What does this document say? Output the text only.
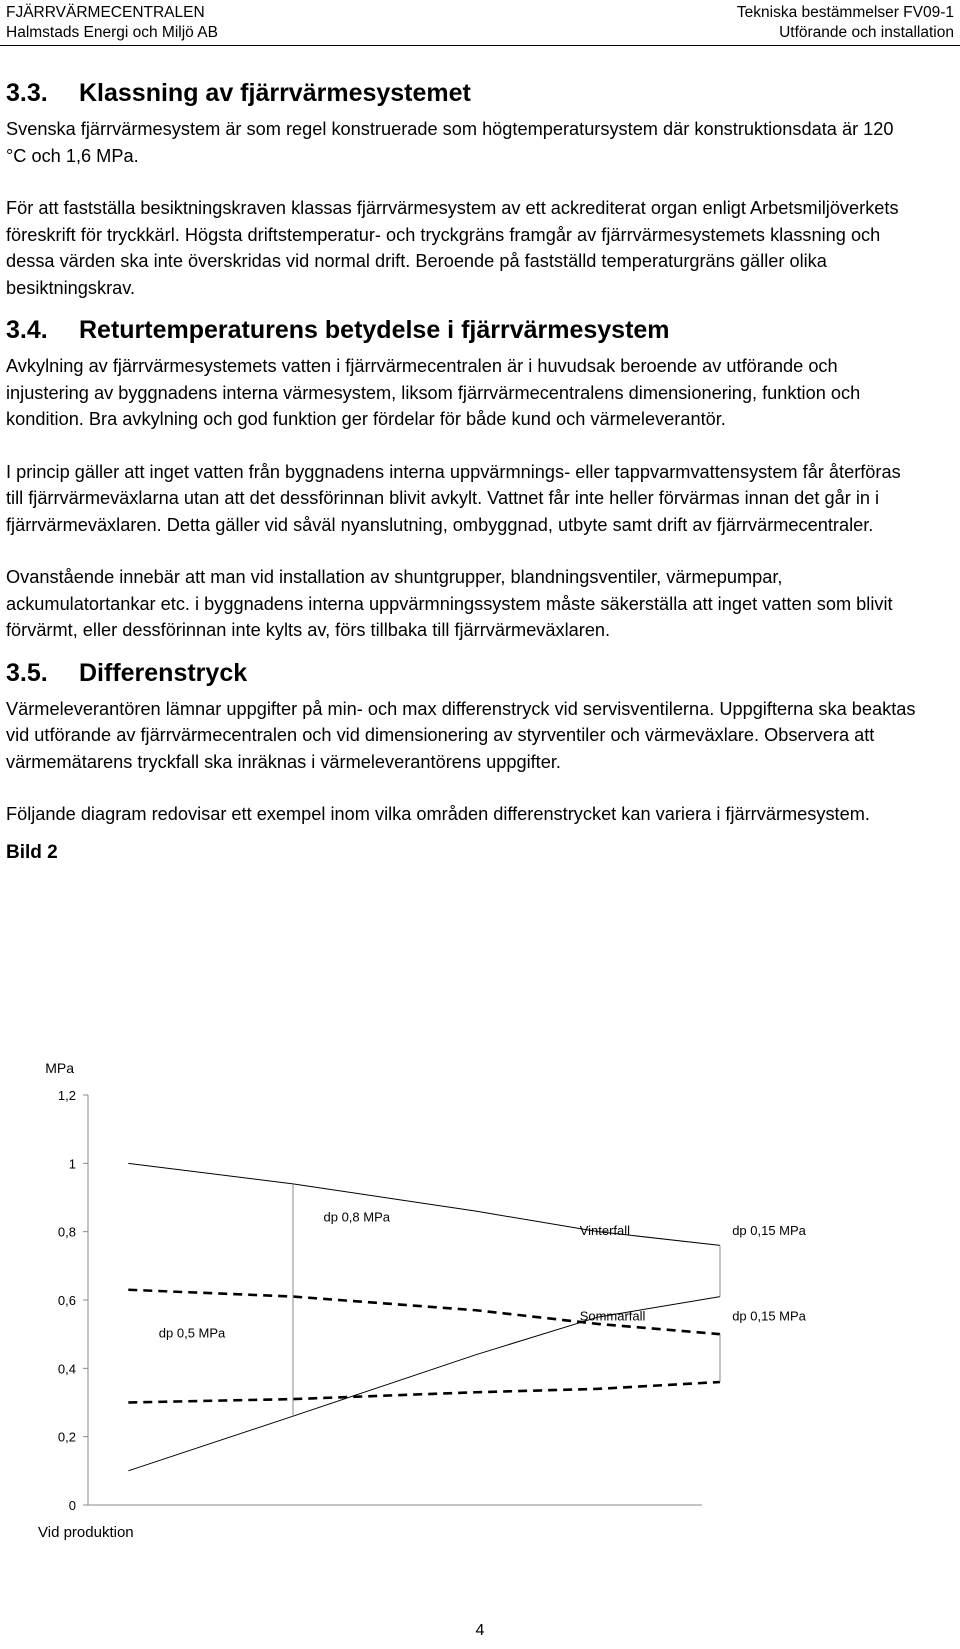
FJÄRRVÄRMECENTRALEN
Halmstads Energi och Miljö AB
Tekniska bestämmelser FV09-1
Utförande och installation
3.3.	Klassning av fjärrvärmesystemet

Svenska fjärrvärmesystem är som regel konstruerade som högtemperatursystem där konstruktionsdata är 120 °C och 1,6 MPa.

För att fastställa besiktningskraven klassas fjärrvärmesystem av ett ackrediterat organ enligt Arbetsmiljöverkets föreskrift för tryckkärl. Högsta driftstemperatur- och tryckgräns framgår av fjärrvärmesystemets klassning och dessa värden ska inte överskridas vid normal drift. Beroende på fastställd temperaturgräns gäller olika besiktningskrav.

3.4.	Returtemperaturens betydelse i fjärrvärmesystem

Avkylning av fjärrvärmesystemets vatten i fjärrvärmecentralen är i huvudsak beroende av utförande och injustering av byggnadens interna värmesystem, liksom fjärrvärmecentralens dimensionering, funktion och kondition. Bra avkylning och god funktion ger fördelar för både kund och värmeleverantör.

I princip gäller att inget vatten från byggnadens interna uppvärmnings- eller tappvarmvattensystem får återföras till fjärrvärmeväxlarna utan att det dessförinnan blivit avkylt. Vattnet får inte heller förvärmas innan det går in i fjärrvärmeväxlaren. Detta gäller vid såväl nyanslutning, ombyggnad, utbyte samt drift av fjärrvärmecentraler.

Ovanstående innebär att man vid installation av shuntgrupper, blandningsventiler, värmepumpar, ackumulatortankar etc. i byggnadens interna uppvärmningssystem måste säkerställa att inget vatten som blivit förvärmt, eller dessförinnan inte kylts av, förs tillbaka till fjärrvärmeväxlaren.

3.5.	Differenstryck

Värmeleverantören lämnar uppgifter på min- och max differenstryck vid servisventilerna. Uppgifterna ska beaktas vid utförande av fjärrvärmecentralen och vid dimensionering av styrventiler och värmeväxlare. Observera att värmemätarens tryckfall ska inräknas i värmeleverantörens uppgifter.

Följande diagram redovisar ett exempel inom vilka områden differenstrycket kan variera i fjärrvärmesystem.

Bild 2
0
0,2
0,4
0,6
0,8
1
1,2
MPa
Vid produktion
dp 0,8 MPa
Vinterfall	dp 0,15 MPa
dp 0,5 MPa
Sommarfall	dp 0,15 MPa
4
